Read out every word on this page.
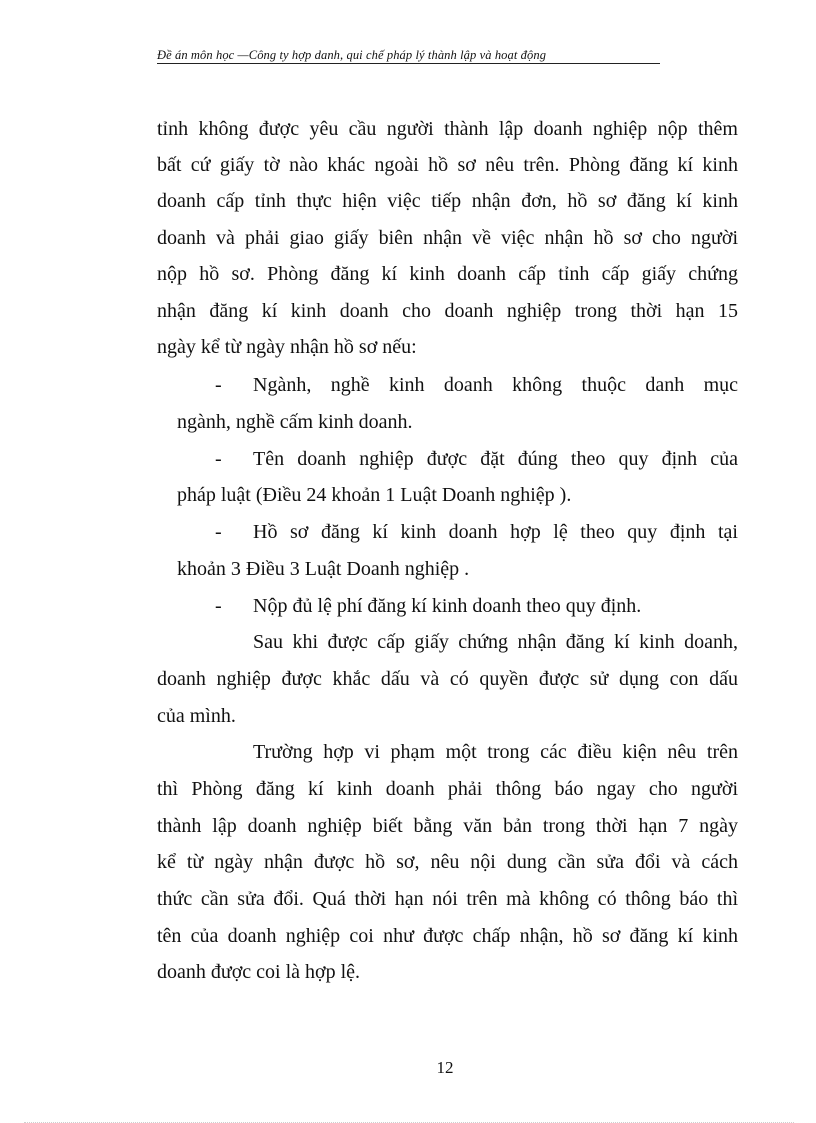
Đề án môn học —Công ty hợp danh, qui chế pháp lý thành lập và hoạt động
tỉnh không được yêu cầu người thành lập doanh nghiệp nộp thêm
bất cứ giấy tờ nào khác ngoài hồ sơ nêu trên. Phòng đăng kí kinh
doanh cấp tỉnh thực hiện việc tiếp nhận đơn, hồ sơ đăng kí kinh
doanh và phải giao giấy biên nhận về việc nhận hồ sơ cho người
nộp hồ sơ. Phòng đăng kí kinh doanh cấp tỉnh cấp giấy chứng
nhận đăng kí kinh doanh cho doanh nghiệp trong thời hạn 15
ngày kể từ ngày nhận hồ sơ nếu:
- Ngành, nghề kinh doanh không thuộc danh mục
ngành, nghề cấm kinh doanh.
- Tên doanh nghiệp được đặt đúng theo quy định của
pháp luật (Điều 24 khoản 1 Luật Doanh nghiệp ).
- Hồ sơ đăng kí kinh doanh hợp lệ theo quy định tại
khoản 3 Điều 3 Luật Doanh nghiệp .
- Nộp đủ lệ phí đăng kí kinh doanh theo quy định.
Sau khi được cấp giấy chứng nhận đăng kí kinh doanh,
doanh nghiệp được khắc dấu và có quyền được sử dụng con dấu
của mình.
Trường hợp vi phạm một trong các điều kiện nêu trên
thì Phòng đăng kí kinh doanh phải thông báo ngay cho người
thành lập doanh nghiệp biết bằng văn bản trong thời hạn 7 ngày
kể từ ngày nhận được hồ sơ, nêu nội dung cần sửa đổi và cách
thức cần sửa đổi. Quá thời hạn nói trên mà không có thông báo thì
tên của doanh nghiệp coi như được chấp nhận, hồ sơ đăng kí kinh
doanh được coi là hợp lệ.
12
